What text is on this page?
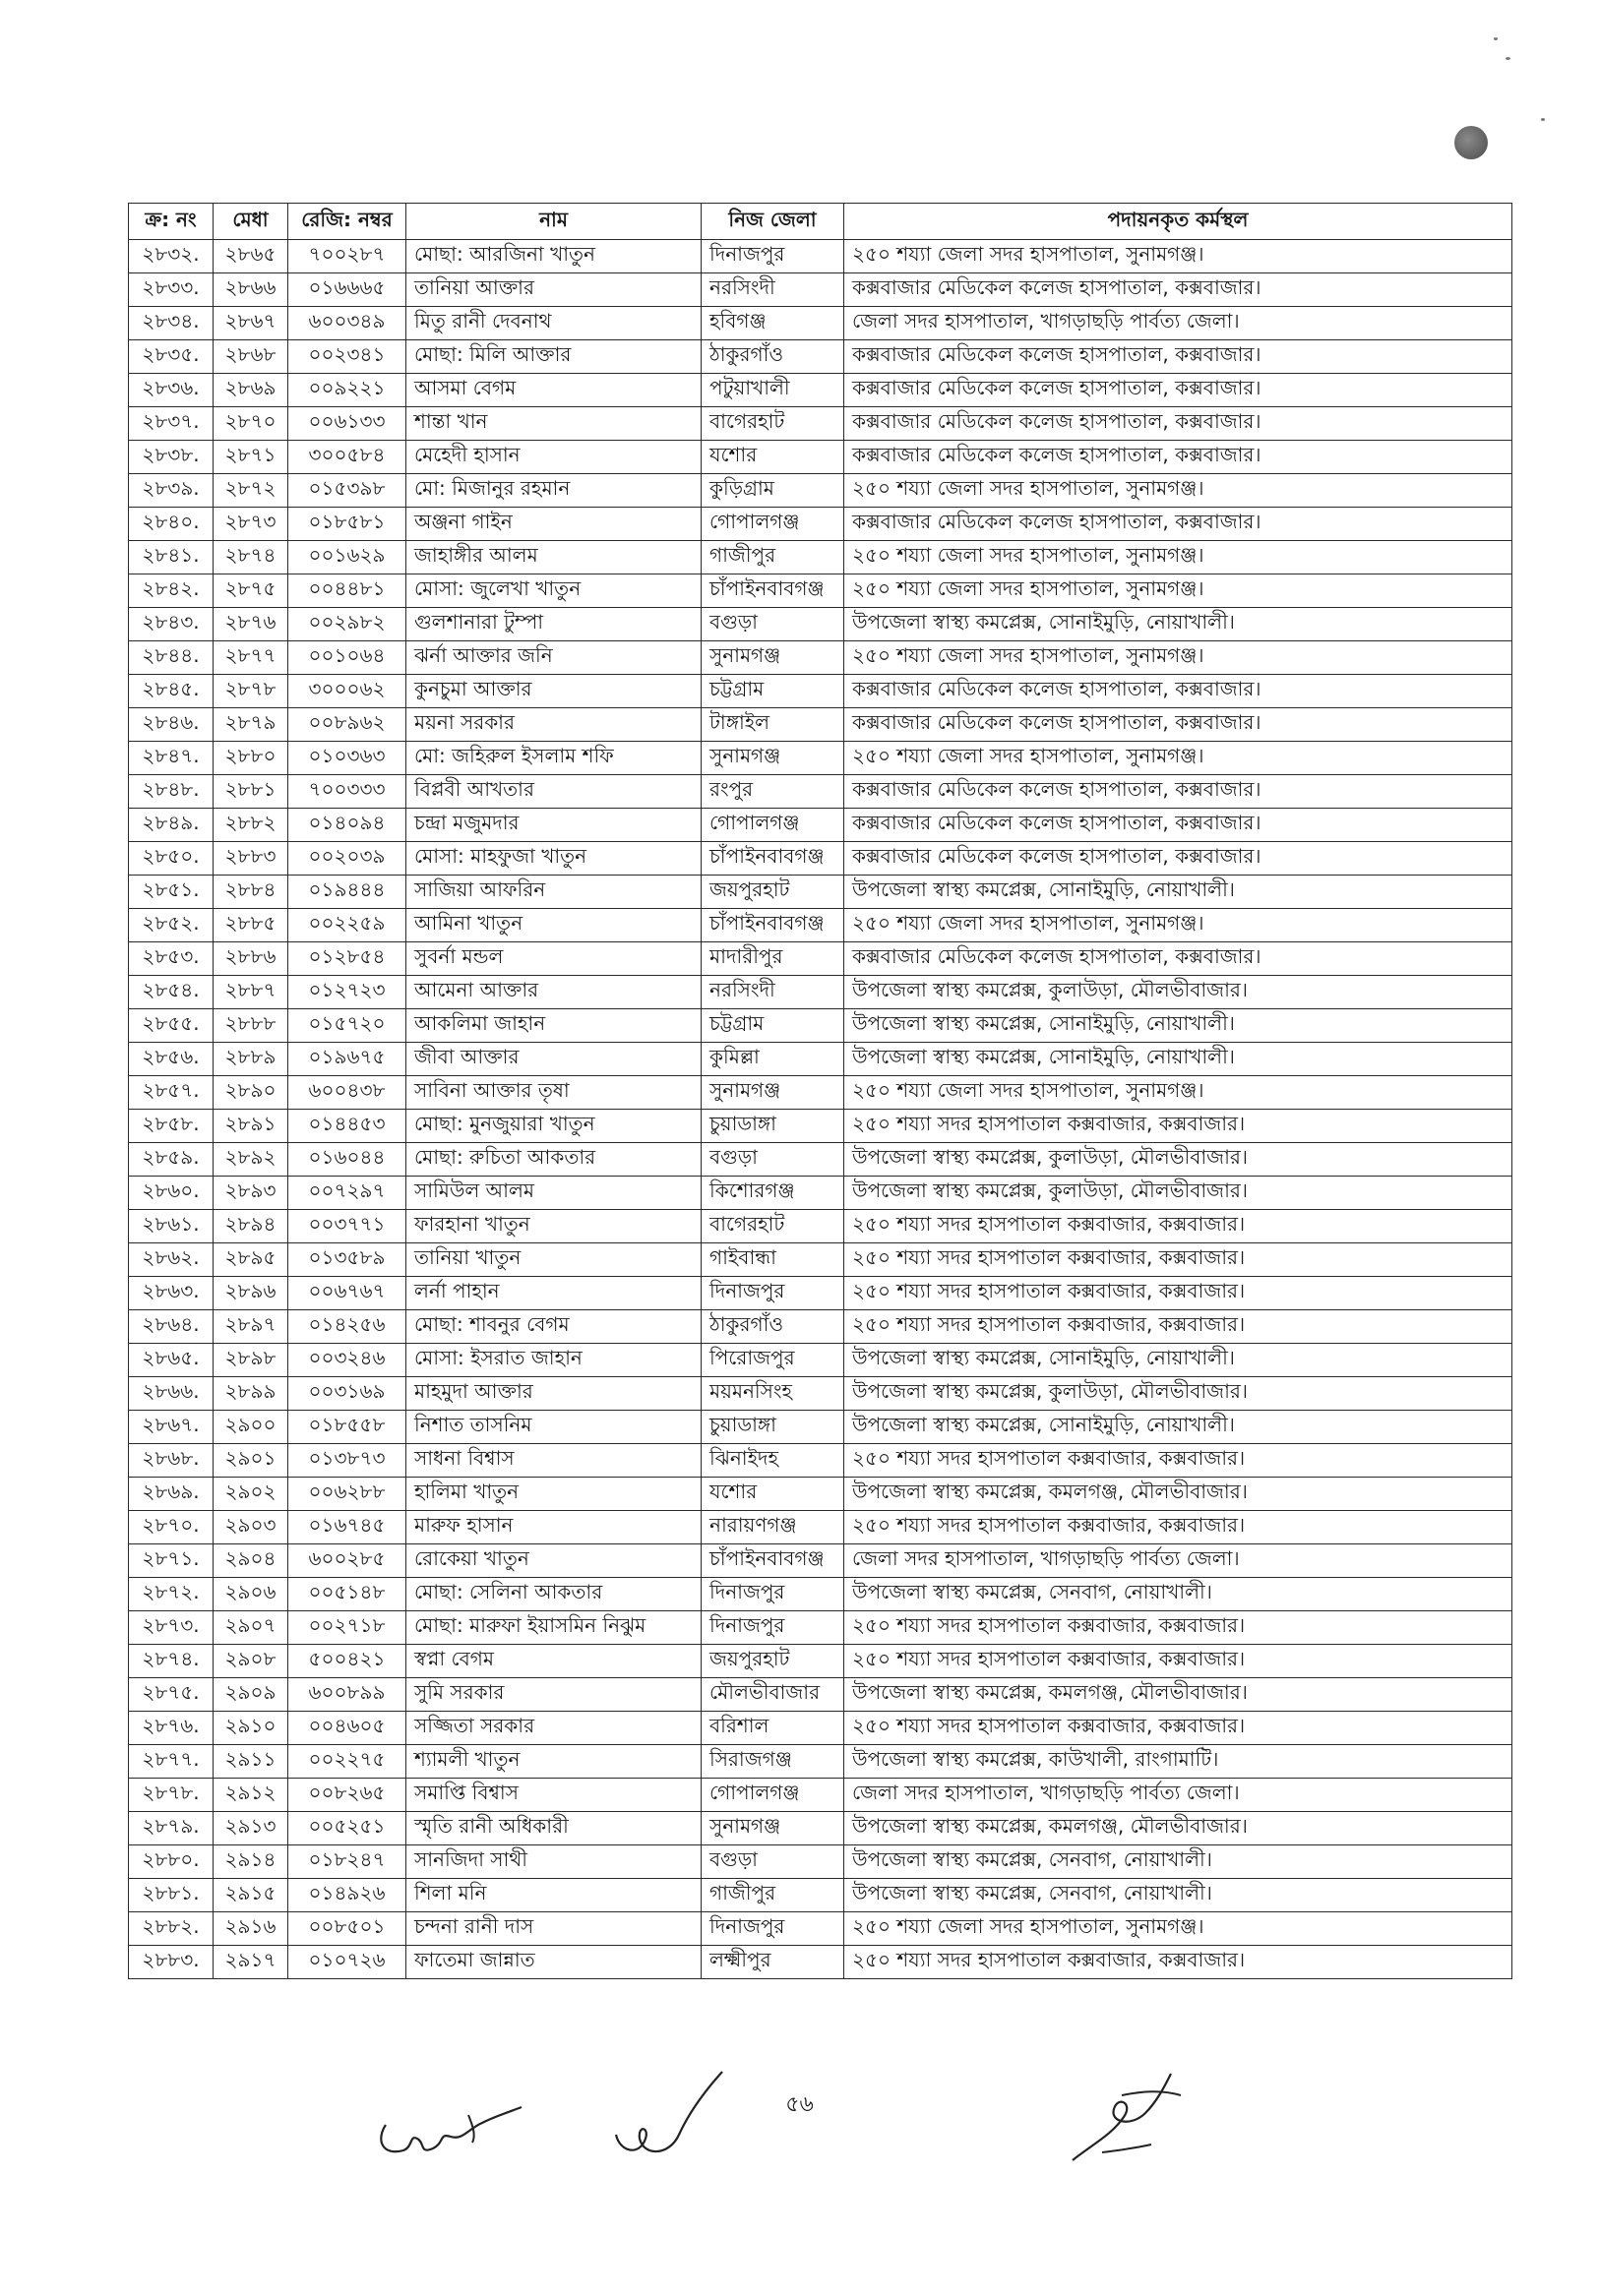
ক্র: নং	মেধা	রেজি: নম্বর	নাম	নিজ জেলা	পদায়নকৃত কর্মস্থল
২৮৩২.	২৮৬৫	৭০০২৮৭	মোছা: আরজিনা খাতুন	দিনাজপুর	২৫০ শয্যা জেলা সদর হাসপাতাল, সুনামগঞ্জ।
২৮৩৩.	২৮৬৬	০১৬৬৬৫	তানিয়া আক্তার	নরসিংদী	কক্সবাজার মেডিকেল কলেজ হাসপাতাল, কক্সবাজার।
২৮৩৪.	২৮৬৭	৬০০৩৪৯	মিতু রানী দেবনাথ	হবিগঞ্জ	জেলা সদর হাসপাতাল, খাগড়াছড়ি পার্বত্য জেলা।
২৮৩৫.	২৮৬৮	০০২৩৪১	মোছা: মিলি আক্তার	ঠাকুরগাঁও	কক্সবাজার মেডিকেল কলেজ হাসপাতাল, কক্সবাজার।
২৮৩৬.	২৮৬৯	০০৯২২১	আসমা বেগম	পটুয়াখালী	কক্সবাজার মেডিকেল কলেজ হাসপাতাল, কক্সবাজার।
২৮৩৭.	২৮৭০	০০৬১৩৩	শান্তা খান	বাগেরহাট	কক্সবাজার মেডিকেল কলেজ হাসপাতাল, কক্সবাজার।
২৮৩৮.	২৮৭১	৩০০৫৮৪	মেহেদী হাসান	যশোর	কক্সবাজার মেডিকেল কলেজ হাসপাতাল, কক্সবাজার।
২৮৩৯.	২৮৭২	০১৫৩৯৮	মো: মিজানুর রহমান	কুড়িগ্রাম	২৫০ শয্যা জেলা সদর হাসপাতাল, সুনামগঞ্জ।
২৮৪০.	২৮৭৩	০১৮৫৮১	অঞ্জনা গাইন	গোপালগঞ্জ	কক্সবাজার মেডিকেল কলেজ হাসপাতাল, কক্সবাজার।
২৮৪১.	২৮৭৪	০০১৬২৯	জাহাঙ্গীর আলম	গাজীপুর	২৫০ শয্যা জেলা সদর হাসপাতাল, সুনামগঞ্জ।
২৮৪২.	২৮৭৫	০০৪৪৮১	মোসা: জুলেখা খাতুন	চাঁপাইনবাবগঞ্জ	২৫০ শয্যা জেলা সদর হাসপাতাল, সুনামগঞ্জ।
২৮৪৩.	২৮৭৬	০০২৯৮২	গুলশানারা টুম্পা	বগুড়া	উপজেলা স্বাস্থ্য কমপ্লেক্স, সোনাইমুড়ি, নোয়াখালী।
২৮৪৪.	২৮৭৭	০০১০৬৪	ঝর্না আক্তার জনি	সুনামগঞ্জ	২৫০ শয্যা জেলা সদর হাসপাতাল, সুনামগঞ্জ।
২৮৪৫.	২৮৭৮	৩০০০৬২	কুনচুমা আক্তার	চট্টগ্রাম	কক্সবাজার মেডিকেল কলেজ হাসপাতাল, কক্সবাজার।
২৮৪৬.	২৮৭৯	০০৮৯৬২	ময়না সরকার	টাঙ্গাইল	কক্সবাজার মেডিকেল কলেজ হাসপাতাল, কক্সবাজার।
২৮৪৭.	২৮৮০	০১০৩৬৩	মো: জহিরুল ইসলাম শফি	সুনামগঞ্জ	২৫০ শয্যা জেলা সদর হাসপাতাল, সুনামগঞ্জ।
২৮৪৮.	২৮৮১	৭০০৩৩৩	বিপ্লবী আখতার	রংপুর	কক্সবাজার মেডিকেল কলেজ হাসপাতাল, কক্সবাজার।
২৮৪৯.	২৮৮২	০১৪০৯৪	চন্দ্রা মজুমদার	গোপালগঞ্জ	কক্সবাজার মেডিকেল কলেজ হাসপাতাল, কক্সবাজার।
২৮৫০.	২৮৮৩	০০২০৩৯	মোসা: মাহফুজা খাতুন	চাঁপাইনবাবগঞ্জ	কক্সবাজার মেডিকেল কলেজ হাসপাতাল, কক্সবাজার।
২৮৫১.	২৮৮৪	০১৯৪৪৪	সাজিয়া আফরিন	জয়পুরহাট	উপজেলা স্বাস্থ্য কমপ্লেক্স, সোনাইমুড়ি, নোয়াখালী।
২৮৫২.	২৮৮৫	০০২২৫৯	আমিনা খাতুন	চাঁপাইনবাবগঞ্জ	২৫০ শয্যা জেলা সদর হাসপাতাল, সুনামগঞ্জ।
২৮৫৩.	২৮৮৬	০১২৮৫৪	সুবর্না মন্ডল	মাদারীপুর	কক্সবাজার মেডিকেল কলেজ হাসপাতাল, কক্সবাজার।
২৮৫৪.	২৮৮৭	০১২৭২৩	আমেনা আক্তার	নরসিংদী	উপজেলা স্বাস্থ্য কমপ্লেক্স, কুলাউড়া, মৌলভীবাজার।
২৮৫৫.	২৮৮৮	০১৫৭২০	আকলিমা জাহান	চট্টগ্রাম	উপজেলা স্বাস্থ্য কমপ্লেক্স, সোনাইমুড়ি, নোয়াখালী।
২৮৫৬.	২৮৮৯	০১৯৬৭৫	জীবা আক্তার	কুমিল্লা	উপজেলা স্বাস্থ্য কমপ্লেক্স, সোনাইমুড়ি, নোয়াখালী।
২৮৫৭.	২৮৯০	৬০০৪৩৮	সাবিনা আক্তার তৃষা	সুনামগঞ্জ	২৫০ শয্যা জেলা সদর হাসপাতাল, সুনামগঞ্জ।
২৮৫৮.	২৮৯১	০১৪৪৫৩	মোছা: মুনজুয়ারা খাতুন	চুয়াডাঙ্গা	২৫০ শয্যা সদর হাসপাতাল কক্সবাজার, কক্সবাজার।
২৮৫৯.	২৮৯২	০১৬০৪৪	মোছা: রুচিতা আকতার	বগুড়া	উপজেলা স্বাস্থ্য কমপ্লেক্স, কুলাউড়া, মৌলভীবাজার।
২৮৬০.	২৮৯৩	০০৭২৯৭	সামিউল আলম	কিশোরগঞ্জ	উপজেলা স্বাস্থ্য কমপ্লেক্স, কুলাউড়া, মৌলভীবাজার।
২৮৬১.	২৮৯৪	০০৩৭৭১	ফারহানা খাতুন	বাগেরহাট	২৫০ শয্যা সদর হাসপাতাল কক্সবাজার, কক্সবাজার।
২৮৬২.	২৮৯৫	০১৩৫৮৯	তানিয়া খাতুন	গাইবান্ধা	২৫০ শয্যা সদর হাসপাতাল কক্সবাজার, কক্সবাজার।
২৮৬৩.	২৮৯৬	০০৬৭৬৭	লর্না পাহান	দিনাজপুর	২৫০ শয্যা সদর হাসপাতাল কক্সবাজার, কক্সবাজার।
২৮৬৪.	২৮৯৭	০১৪২৫৬	মোছা: শাবনুর বেগম	ঠাকুরগাঁও	২৫০ শয্যা সদর হাসপাতাল কক্সবাজার, কক্সবাজার।
২৮৬৫.	২৮৯৮	০০৩২৪৬	মোসা: ইসরাত জাহান	পিরোজপুর	উপজেলা স্বাস্থ্য কমপ্লেক্স, সোনাইমুড়ি, নোয়াখালী।
২৮৬৬.	২৮৯৯	০০৩১৬৯	মাহমুদা আক্তার	ময়মনসিংহ	উপজেলা স্বাস্থ্য কমপ্লেক্স, কুলাউড়া, মৌলভীবাজার।
২৮৬৭.	২৯০০	০১৮৫৫৮	নিশাত তাসনিম	চুয়াডাঙ্গা	উপজেলা স্বাস্থ্য কমপ্লেক্স, সোনাইমুড়ি, নোয়াখালী।
২৮৬৮.	২৯০১	০১৩৮৭৩	সাধনা বিশ্বাস	ঝিনাইদহ	২৫০ শয্যা সদর হাসপাতাল কক্সবাজার, কক্সবাজার।
২৮৬৯.	২৯০২	০০৬২৮৮	হালিমা খাতুন	যশোর	উপজেলা স্বাস্থ্য কমপ্লেক্স, কমলগঞ্জ, মৌলভীবাজার।
২৮৭০.	২৯০৩	০১৬৭৪৫	মারুফ হাসান	নারায়ণগঞ্জ	২৫০ শয্যা সদর হাসপাতাল কক্সবাজার, কক্সবাজার।
২৮৭১.	২৯০৪	৬০০২৮৫	রোকেয়া খাতুন	চাঁপাইনবাবগঞ্জ	জেলা সদর হাসপাতাল, খাগড়াছড়ি পার্বত্য জেলা।
২৮৭২.	২৯০৬	০০৫১৪৮	মোছা: সেলিনা আকতার	দিনাজপুর	উপজেলা স্বাস্থ্য কমপ্লেক্স, সেনবাগ, নোয়াখালী।
২৮৭৩.	২৯০৭	০০২৭১৮	মোছা: মারুফা ইয়াসমিন নিঝুম	দিনাজপুর	২৫০ শয্যা সদর হাসপাতাল কক্সবাজার, কক্সবাজার।
২৮৭৪.	২৯০৮	৫০০৪২১	স্বপ্না বেগম	জয়পুরহাট	২৫০ শয্যা সদর হাসপাতাল কক্সবাজার, কক্সবাজার।
২৮৭৫.	২৯০৯	৬০০৮৯৯	সুমি সরকার	মৌলভীবাজার	উপজেলা স্বাস্থ্য কমপ্লেক্স, কমলগঞ্জ, মৌলভীবাজার।
২৮৭৬.	২৯১০	০০৪৬০৫	সজ্জিতা সরকার	বরিশাল	২৫০ শয্যা সদর হাসপাতাল কক্সবাজার, কক্সবাজার।
২৮৭৭.	২৯১১	০০২২৭৫	শ্যামলী খাতুন	সিরাজগঞ্জ	উপজেলা স্বাস্থ্য কমপ্লেক্স, কাউখালী, রাংগামাটি।
২৮৭৮.	২৯১২	০০৮২৬৫	সমাপ্তি বিশ্বাস	গোপালগঞ্জ	জেলা সদর হাসপাতাল, খাগড়াছড়ি পার্বত্য জেলা।
২৮৭৯.	২৯১৩	০০৫২৫১	স্মৃতি রানী অধিকারী	সুনামগঞ্জ	উপজেলা স্বাস্থ্য কমপ্লেক্স, কমলগঞ্জ, মৌলভীবাজার।
২৮৮০.	২৯১৪	০১৮২৪৭	সানজিদা সাথী	বগুড়া	উপজেলা স্বাস্থ্য কমপ্লেক্স, সেনবাগ, নোয়াখালী।
২৮৮১.	২৯১৫	০১৪৯২৬	শিলা মনি	গাজীপুর	উপজেলা স্বাস্থ্য কমপ্লেক্স, সেনবাগ, নোয়াখালী।
২৮৮২.	২৯১৬	০০৮৫০১	চন্দনা রানী দাস	দিনাজপুর	২৫০ শয্যা জেলা সদর হাসপাতাল, সুনামগঞ্জ।
২৮৮৩.	২৯১৭	০১০৭২৬	ফাতেমা জান্নাত	লক্ষ্মীপুর	২৫০ শয্যা সদর হাসপাতাল কক্সবাজার, কক্সবাজার।
৫৬
